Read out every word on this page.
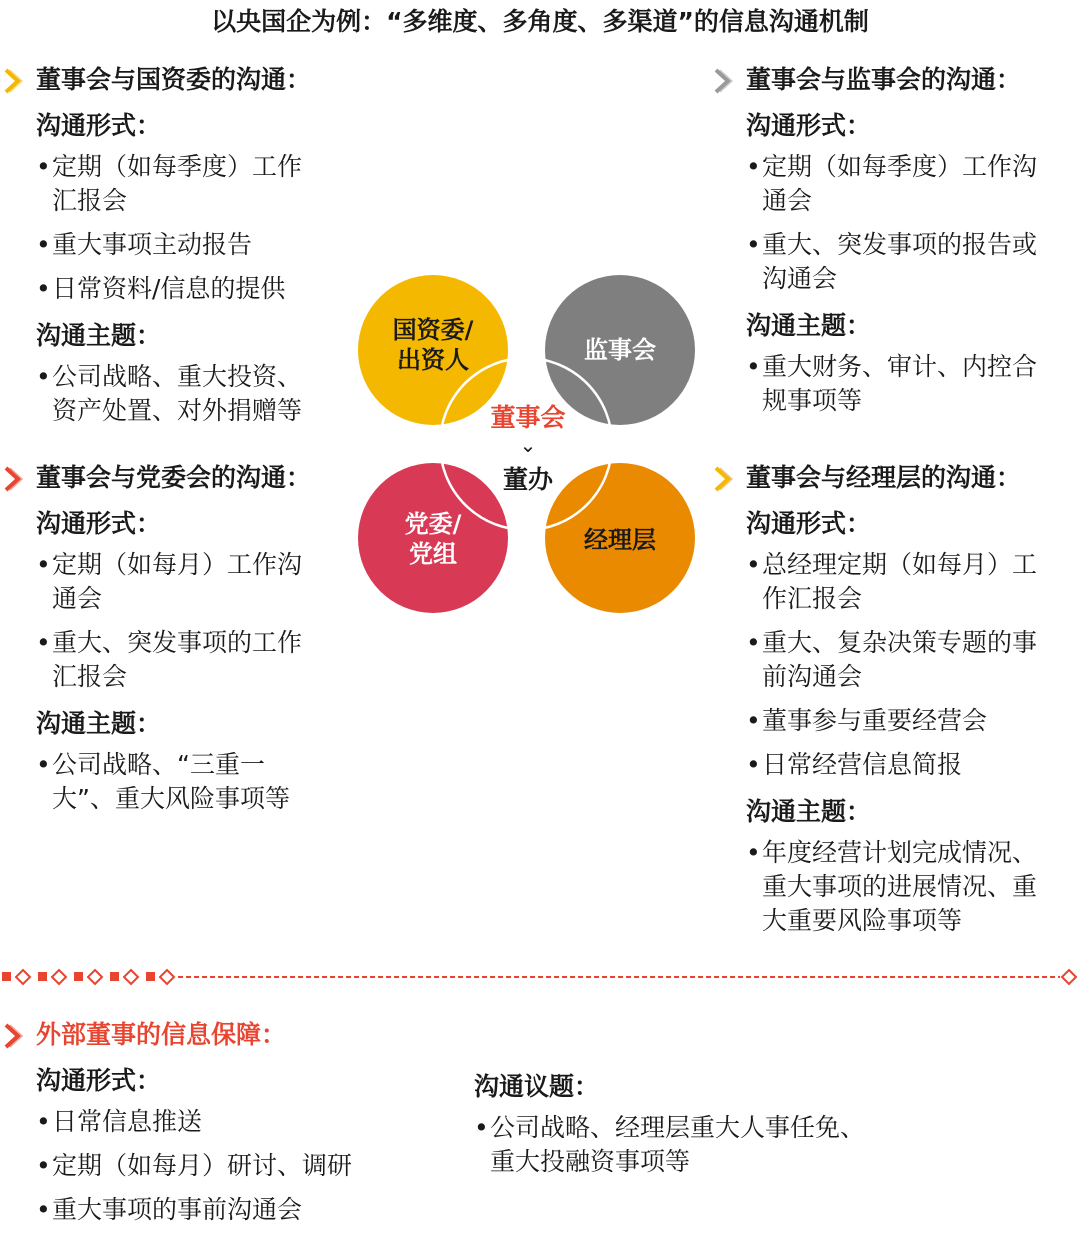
以央国企为例：“多维度、多角度、多渠道”的信息沟通机制
董事会与国资委的沟通：
沟通形式：
• 定期（如每季度）工作
汇报会
• 重大事项主动报告
• 日常资料/信息的提供
沟通主题：
• 公司战略、重大投资、
资产处置、对外捐赠等
董事会与党委会的沟通：
沟通形式：
• 定期（如每月）工作沟
通会
• 重大、突发事项的工作
汇报会
沟通主题：
• 公司战略、“三重一
大”、重大风险事项等
董事会与监事会的沟通：
沟通形式：
• 定期（如每季度）工作沟
通会
• 重大、突发事项的报告或
沟通会
沟通主题：
• 重大财务、审计、内控合
规事项等
董事会与经理层的沟通：
沟通形式：
• 总经理定期（如每月）工
作汇报会
• 重大、复杂决策专题的事
前沟通会
• 董事参与重要经营会
• 日常经营信息简报
沟通主题：
• 年度经营计划完成情况、
重大事项的进展情况、重
大重要风险事项等
国资委/出资人	监事会
党委/党组	经理层
董事会
⌄
董办
外部董事的信息保障：
沟通形式：
• 日常信息推送
• 定期（如每月）研讨、调研
• 重大事项的事前沟通会
沟通议题：
• 公司战略、经理层重大人事任免、
重大投融资事项等
